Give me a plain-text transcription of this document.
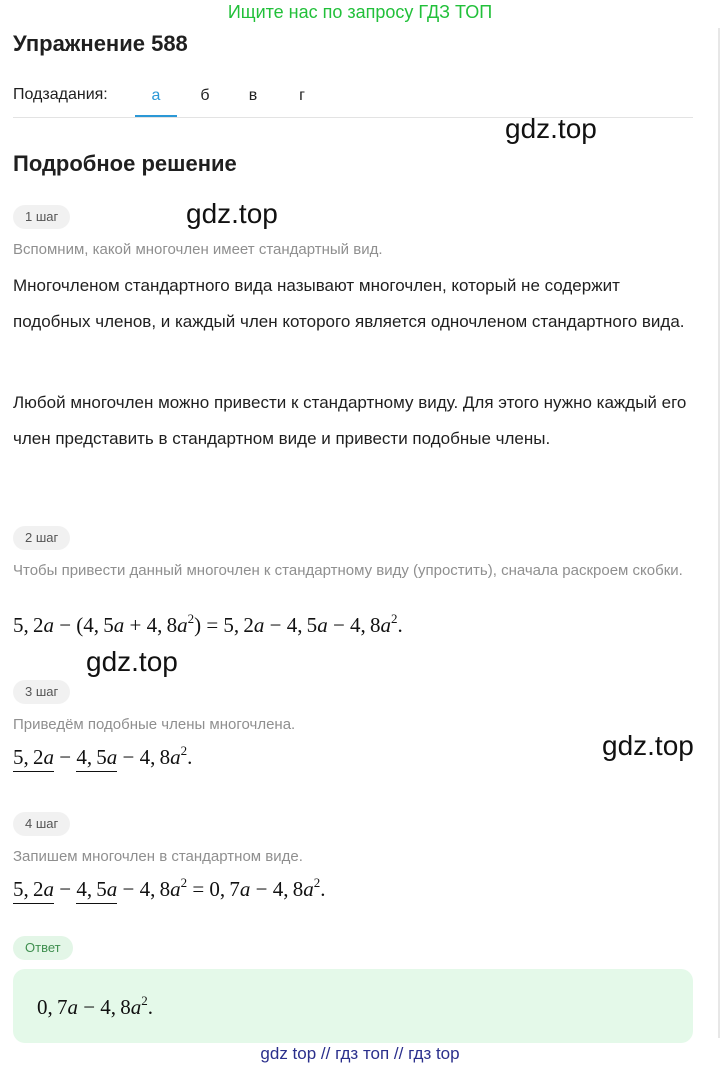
Ищите нас по запросу ГДЗ ТОП
Упражнение 588
Подзадания:	а	б	в	г
gdz.top
Подробное решение
1 шаг	gdz.top
Вспомним, какой многочлен имеет стандартный вид.
Многочленом стандартного вида называют многочлен, который не содержит подобных членов, и каждый член которого является одночленом стандартного вида.
Любой многочлен можно привести к стандартному виду. Для этого нужно каждый его член представить в стандартном виде и привести подобные члены.
2 шаг
Чтобы привести данный многочлен к стандартному виду (упростить), сначала раскроем скобки.
5, 2a − (4, 5a + 4, $8a^2) = 5$, 2a − 4, 5a − 4, $8a^2$.
gdz.top
3 шаг
Приведём подобные члены многочлена.
gdz.top
5, 2a − 4, 5a − 4, $8a^2$.
4 шаг
Запишем многочлен в стандартном виде.
5, 2a − 4, 5a − 4, $8a^2 = 0$, 7a − 4, $8a^2$.
Ответ
0, 7a − 4, $8a^2$.
gdz top // гдз топ // гдз top
